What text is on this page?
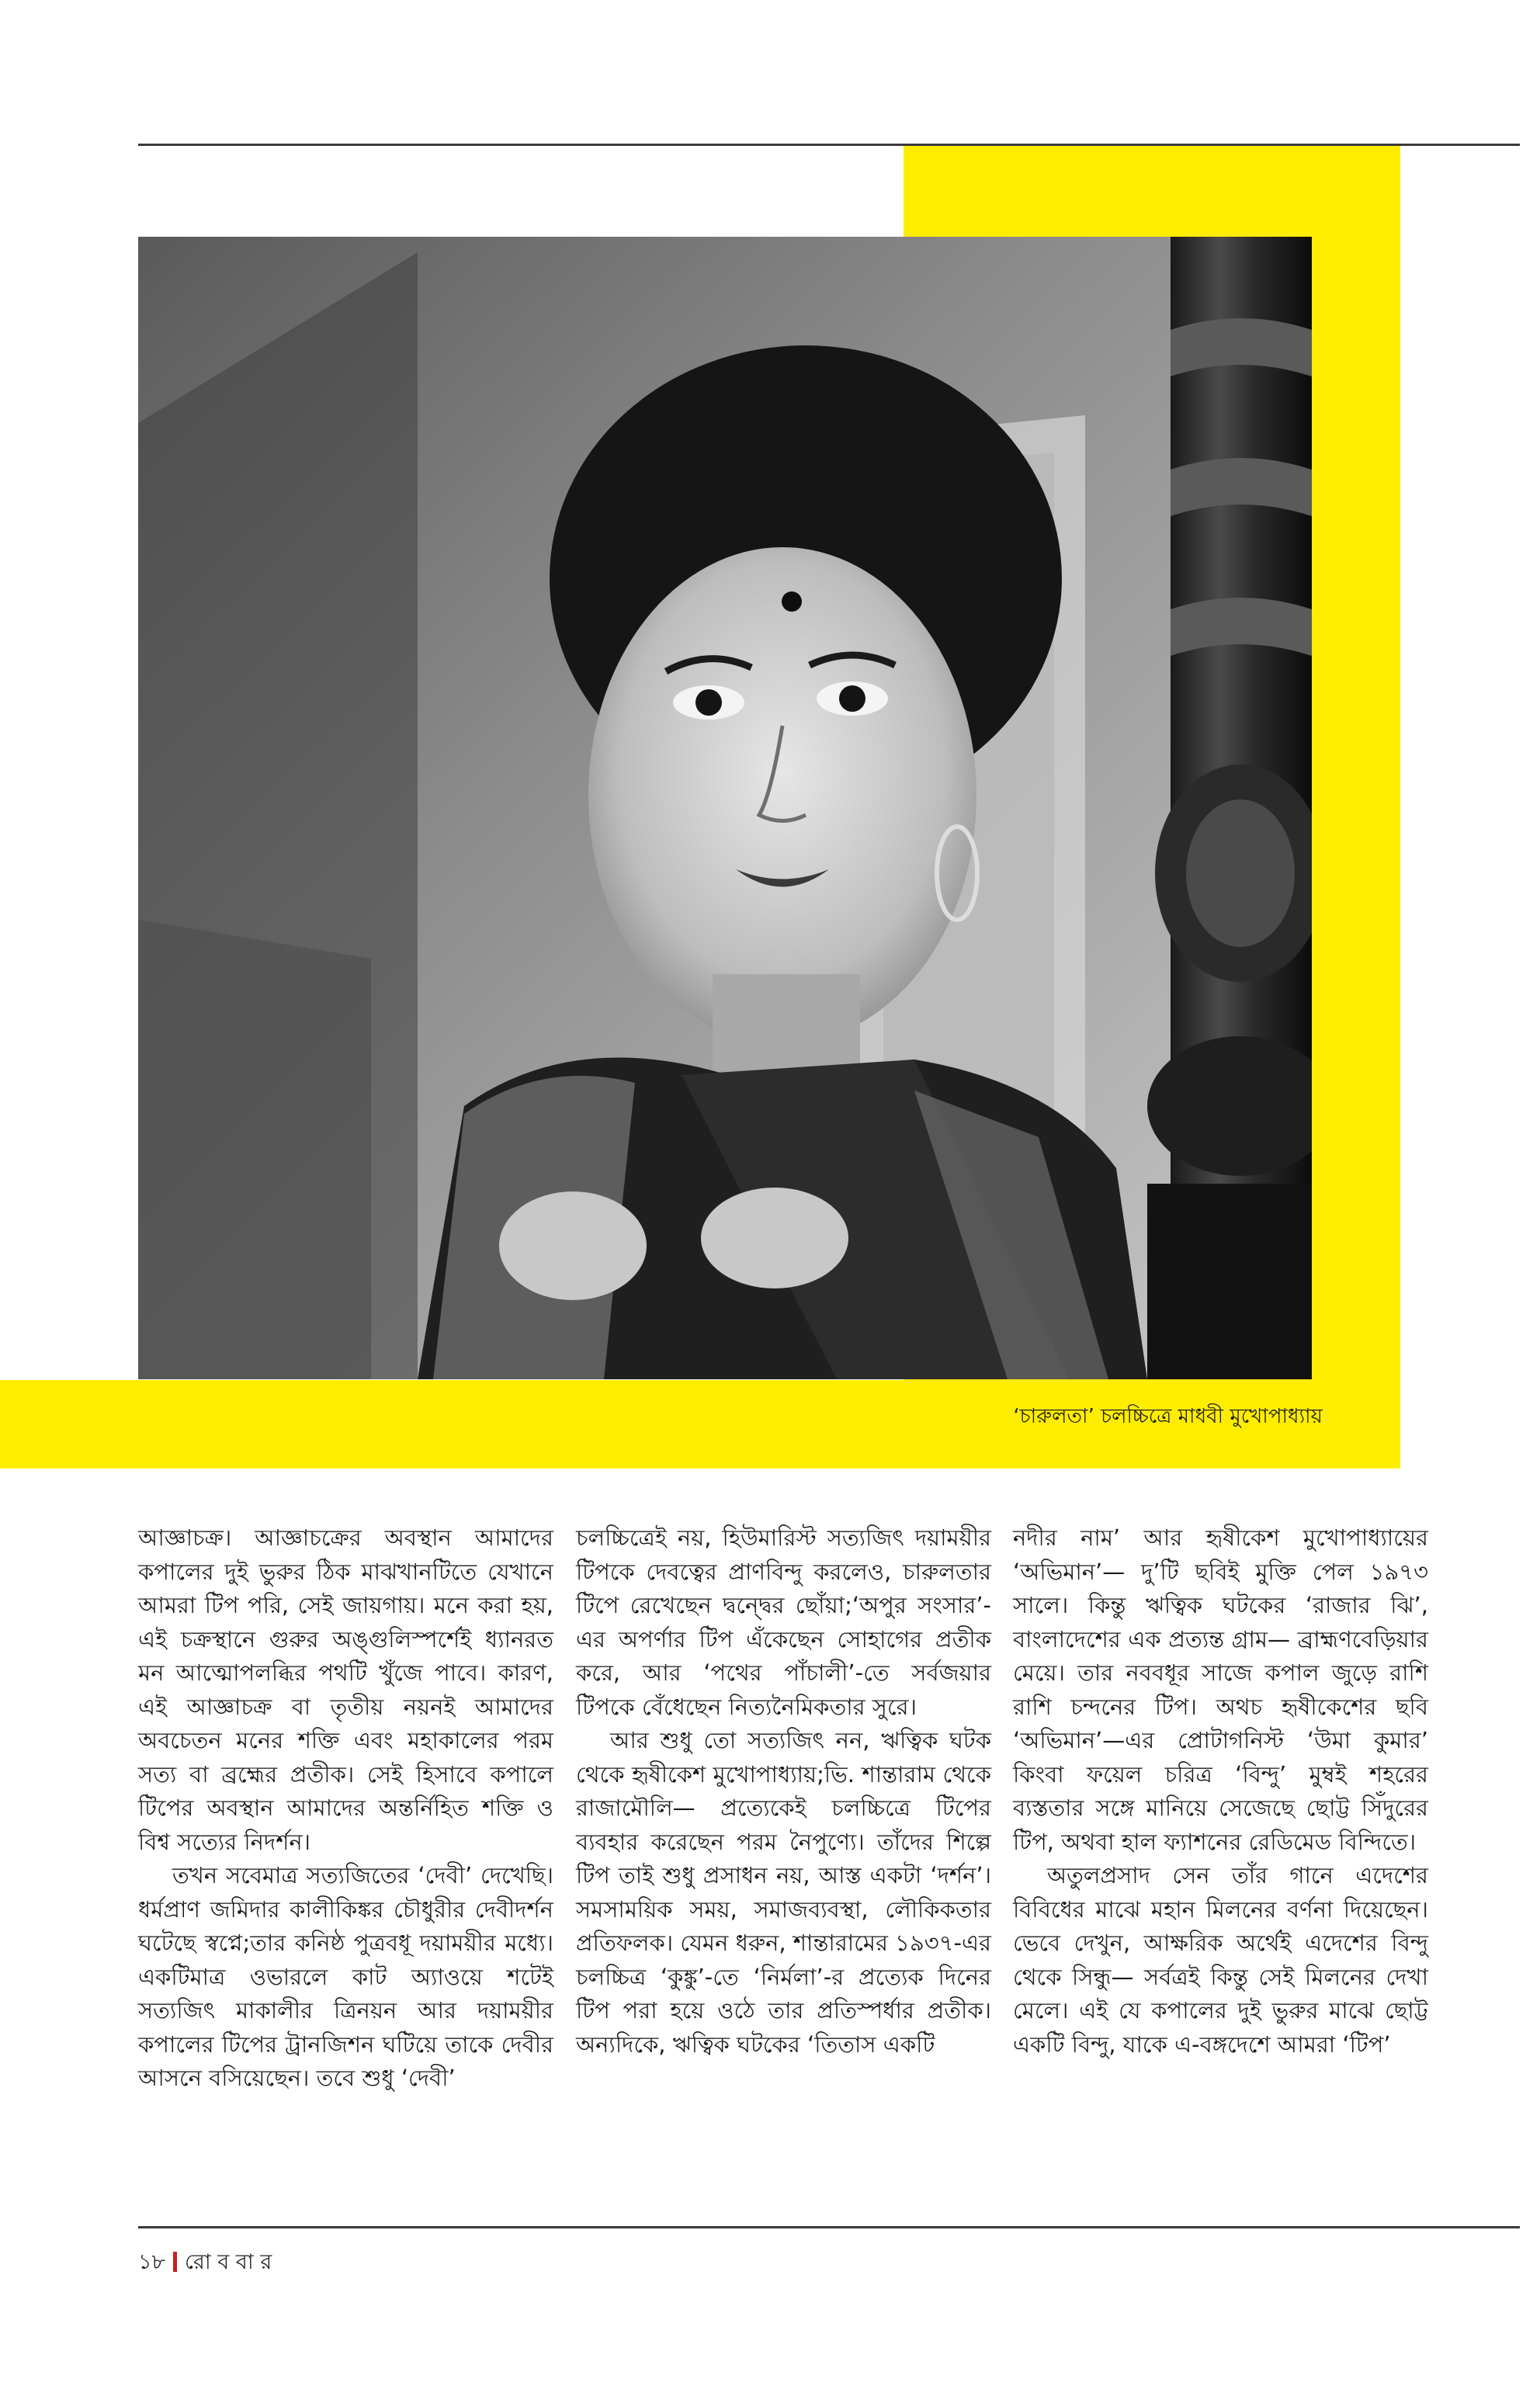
‘চারুলতা’ চলচ্চিত্রে মাধবী মুখোপাধ্যায়

আজ্ঞাচক্র। আজ্ঞাচক্রের অবস্থান আমাদের কপালের দুই ভুরুর ঠিক মাঝখানটিতে যেখানে আমরা টিপ পরি, সেই জায়গায়। মনে করা হয়, এই চক্রস্থানে গুরুর অঙ্গুলিস্পর্শেই ধ্যানরত মন আত্মোপলব্ধির পথটি খুঁজে পাবে। কারণ, এই আজ্ঞাচক্র বা তৃতীয় নয়নই আমাদের অবচেতন মনের শক্তি এবং মহাকালের পরম সত্য বা ব্রহ্মের প্রতীক। সেই হিসাবে কপালে টিপের অবস্থান আমাদের অন্তর্নিহিত শক্তি ও বিশ্ব সত্যের নিদর্শন।

তখন সবেমাত্র সত্যজিতের ‘দেবী’ দেখেছি। ধর্মপ্রাণ জমিদার কালীকিঙ্কর চৌধুরীর দেবীদর্শন ঘটেছে স্বপ্নে;তার কনিষ্ঠ পুত্রবধূ দয়াময়ীর মধ্যে। একটিমাত্র ওভারলে কাট অ্যাওয়ে শটেই সত্যজিৎ মাকালীর ত্রিনয়ন আর দয়াময়ীর কপালের টিপের ট্রানজিশন ঘটিয়ে তাকে দেবীর আসনে বসিয়েছেন। তবে শুধু ‘দেবী’

চলচ্চিত্রেই নয়, হিউমারিস্ট সত্যজিৎ দয়াময়ীর টিপকে দেবত্বের প্রাণবিন্দু করলেও, চারুলতার টিপে রেখেছেন দ্বন্দ্বের ছোঁয়া;‘অপুর সংসার’-এর অপর্ণার টিপ এঁকেছেন সোহাগের প্রতীক করে, আর ‘পথের পাঁচালী’-তে সর্বজয়ার টিপকে বেঁধেছেন নিত্যনৈমিকতার সুরে।

আর শুধু তো সত্যজিৎ নন, ঋত্বিক ঘটক থেকে হৃষীকেশ মুখোপাধ্যায়;ভি. শান্তারাম থেকে রাজামৌলি— প্রত্যেকেই চলচ্চিত্রে টিপের ব্যবহার করেছেন পরম নৈপুণ্যে। তাঁদের শিল্পে টিপ তাই শুধু প্রসাধন নয়, আস্ত একটা ‘দর্শন’। সমসাময়িক সময়, সমাজব্যবস্থা, লৌকিকতার প্রতিফলক। যেমন ধরুন, শান্তারামের ১৯৩৭-এর চলচ্চিত্র ‘কুঙ্কু’-তে ‘নির্মলা’-র প্রত্যেক দিনের টিপ পরা হয়ে ওঠে তার প্রতিস্পর্ধার প্রতীক। অন্যদিকে, ঋত্বিক ঘটকের ‘তিতাস একটি

নদীর নাম’ আর হৃষীকেশ মুখোপাধ্যায়ের ‘অভিমান’— দু’টি ছবিই মুক্তি পেল ১৯৭৩ সালে। কিন্তু ঋত্বিক ঘটকের ‘রাজার ঝি’, বাংলাদেশের এক প্রত্যন্ত গ্রাম— ব্রাহ্মণবেড়িয়ার মেয়ে। তার নববধূর সাজে কপাল জুড়ে রাশি রাশি চন্দনের টিপ। অথচ হৃষীকেশের ছবি ‘অভিমান’—এর প্রোটাগনিস্ট ‘উমা কুমার’ কিংবা ফয়েল চরিত্র ‘বিন্দু’ মুম্বই শহরের ব্যস্ততার সঙ্গে মানিয়ে সেজেছে ছোট্ট সিঁদুরের টিপ, অথবা হাল ফ্যাশনের রেডিমেড বিন্দিতে।

অতুলপ্রসাদ সেন তাঁর গানে এদেশের বিবিধের মাঝে মহান মিলনের বর্ণনা দিয়েছেন। ভেবে দেখুন, আক্ষরিক অর্থেই এদেশের বিন্দু থেকে সিন্ধু— সর্বত্রই কিন্তু সেই মিলনের দেখা মেলে। এই যে কপালের দুই ভুরুর মাঝে ছোট্ট একটি বিন্দু, যাকে এ-বঙ্গদেশে আমরা ‘টিপ’

১৮ রো ব বা র
